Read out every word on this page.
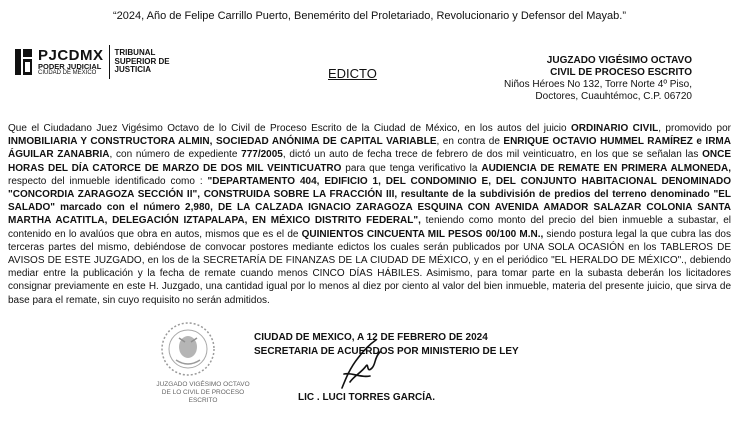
“2024, Año de Felipe Carrillo Puerto, Benemérito del Proletariado, Revolucionario y Defensor del Mayab.”
PJCDMX
PODER JUDICIAL
CIUDAD DE MÉXICO
TRIBUNAL
SUPERIOR DE
JUSTICIA	EDICTO
JUGZADO VIGÉSIMO OCTAVO
CIVIL DE PROCESO ESCRITO
Niños Héroes No 132, Torre Norte 4º Piso,
Doctores, Cuauhtémoc, C.P. 06720
Que el Ciudadano Juez Vigésimo Octavo de lo Civil de Proceso Escrito de la Ciudad de México, en los autos del juicio ORDINARIO CIVIL, promovido por INMOBILIARIA Y CONSTRUCTORA ALMIN, SOCIEDAD ANÓNIMA DE CAPITAL VARIABLE, en contra de ENRIQUE OCTAVIO HUMMEL RAMÍREZ e IRMA ÁGUILAR ZANABRIA, con número de expediente 777/2005, dictó un auto de fecha trece de febrero de dos mil veinticuatro, en los que se señalan las ONCE HORAS DEL DÍA CATORCE DE MARZO DE DOS MIL VEINTICUATRO para que tenga verificativo la AUDIENCIA DE REMATE EN PRIMERA ALMONEDA, respecto del inmueble identificado como : "DEPARTAMENTO 404, EDIFICIO 1, DEL CONDOMINIO E, DEL CONJUNTO HABITACIONAL DENOMINADO "CONCORDIA ZARAGOZA SECCIÓN II", CONSTRUIDA SOBRE LA FRACCIÓN III, resultante de la subdivisión de predios del terreno denominado "EL SALADO" marcado con el número 2,980, DE LA CALZADA IGNACIO ZARAGOZA ESQUINA CON AVENIDA AMADOR SALAZAR COLONIA SANTA MARTHA ACATITLA, DELEGACIÓN IZTAPALAPA, EN MÉXICO DISTRITO FEDERAL", teniendo como monto del precio del bien inmueble a subastar, el contenido en lo avalúos que obra en autos, mismos que es el de QUINIENTOS CINCUENTA MIL PESOS 00/100 M.N., siendo postura legal la que cubra las dos terceras partes del mismo, debiéndose de convocar postores mediante edictos los cuales serán publicados por UNA SOLA OCASIÓN en los TABLEROS DE AVISOS DE ESTE JUZGADO, en los de la SECRETARÍA DE FINANZAS DE LA CIUDAD DE MÉXICO, y en el periódico "EL HERALDO DE MÉXICO"., debiendo mediar entre la publicación y la fecha de remate cuando menos CINCO DÍAS HÁBILES. Asimismo, para tomar parte en la subasta deberán los licitadores consignar previamente en este H. Juzgado, una cantidad igual por lo menos al diez por ciento al valor del bien inmueble, materia del presente juicio, que sirva de base para el remate, sin cuyo requisito no serán admitidos.
JUZGADO VIGÉSIMO OCTAVO
DE LO CIVIL DE PROCESO ESCRITO
CIUDAD DE MEXICO, A 12 DE FEBRERO DE 2024
SECRETARIA DE ACUERDOS POR MINISTERIO DE LEY
LIC . LUCI TORRES GARCÍA.
